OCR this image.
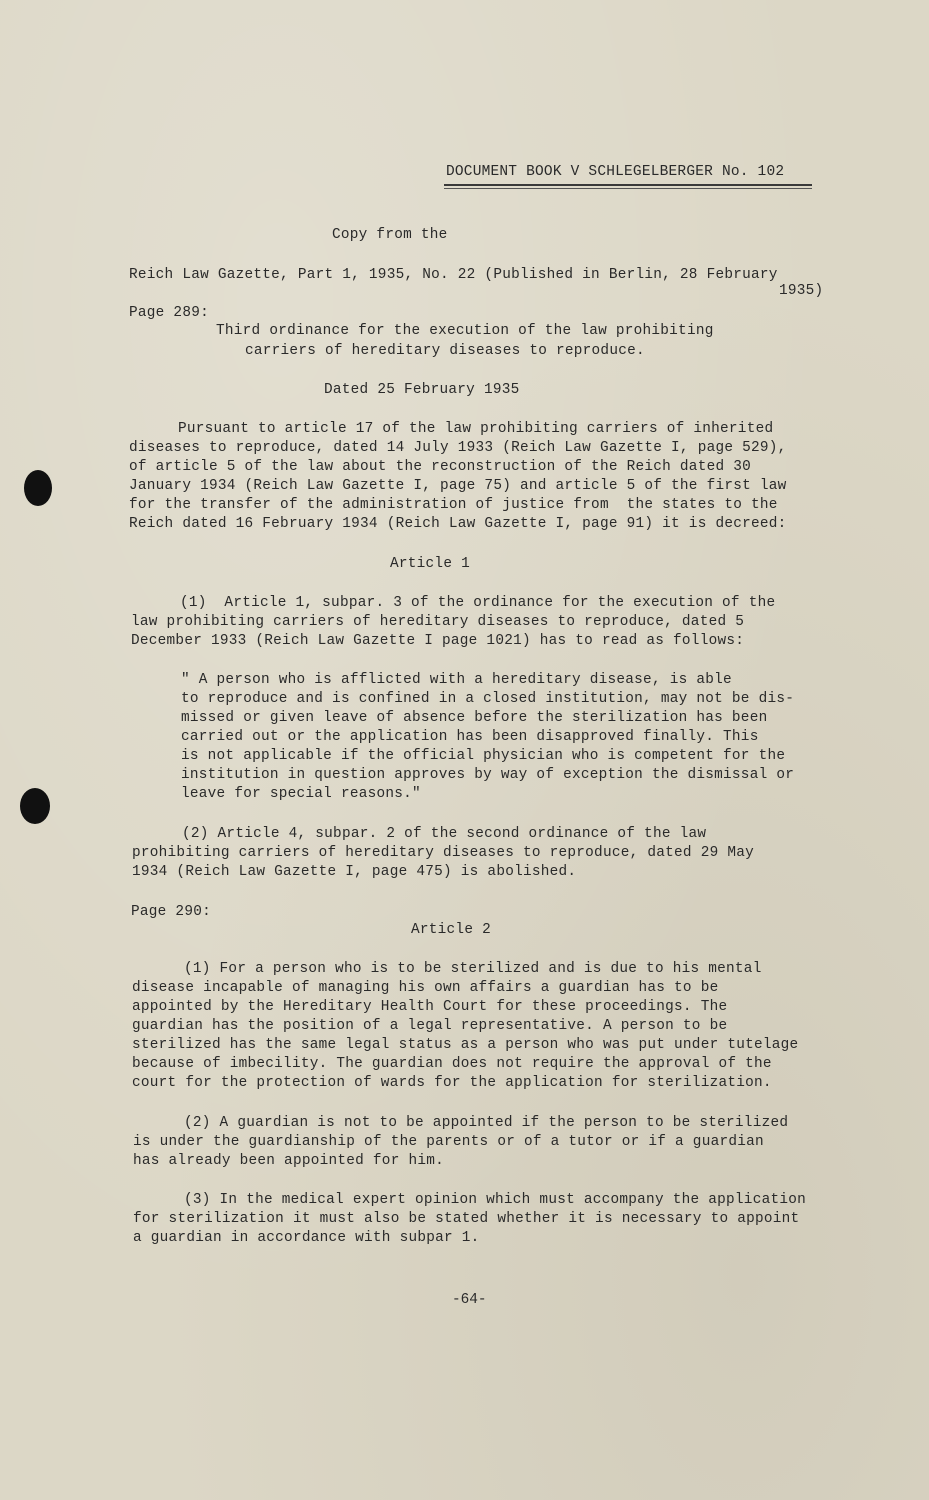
DOCUMENT BOOK V SCHLEGELBERGER No. 102
Copy from the
Reich Law Gazette, Part 1, 1935, No. 22 (Published in Berlin, 28 February
1935)
Page 289:
Third ordinance for the execution of the law prohibiting
carriers of hereditary diseases to reproduce.
Dated 25 February 1935
Pursuant to article 17 of the law prohibiting carriers of inherited
diseases to reproduce, dated 14 July 1933 (Reich Law Gazette I, page 529),
of article 5 of the law about the reconstruction of the Reich dated 30
January 1934 (Reich Law Gazette I, page 75) and article 5 of the first law
for the transfer of the administration of justice from  the states to the
Reich dated 16 February 1934 (Reich Law Gazette I, page 91) it is decreed:
Article 1
(1)  Article 1, subpar. 3 of the ordinance for the execution of the
law prohibiting carriers of hereditary diseases to reproduce, dated 5
December 1933 (Reich Law Gazette I page 1021) has to read as follows:
" A person who is afflicted with a hereditary disease, is able
to reproduce and is confined in a closed institution, may not be dis-
missed or given leave of absence before the sterilization has been
carried out or the application has been disapproved finally. This
is not applicable if the official physician who is competent for the
institution in question approves by way of exception the dismissal or
leave for special reasons."
(2) Article 4, subpar. 2 of the second ordinance of the law
prohibiting carriers of hereditary diseases to reproduce, dated 29 May
1934 (Reich Law Gazette I, page 475) is abolished.
Page 290:
Article 2
(1) For a person who is to be sterilized and is due to his mental
disease incapable of managing his own affairs a guardian has to be
appointed by the Hereditary Health Court for these proceedings. The
guardian has the position of a legal representative. A person to be
sterilized has the same legal status as a person who was put under tutelage
because of imbecility. The guardian does not require the approval of the
court for the protection of wards for the application for sterilization.
(2) A guardian is not to be appointed if the person to be sterilized
is under the guardianship of the parents or of a tutor or if a guardian
has already been appointed for him.
(3) In the medical expert opinion which must accompany the application
for sterilization it must also be stated whether it is necessary to appoint
a guardian in accordance with subpar 1.
-64-
